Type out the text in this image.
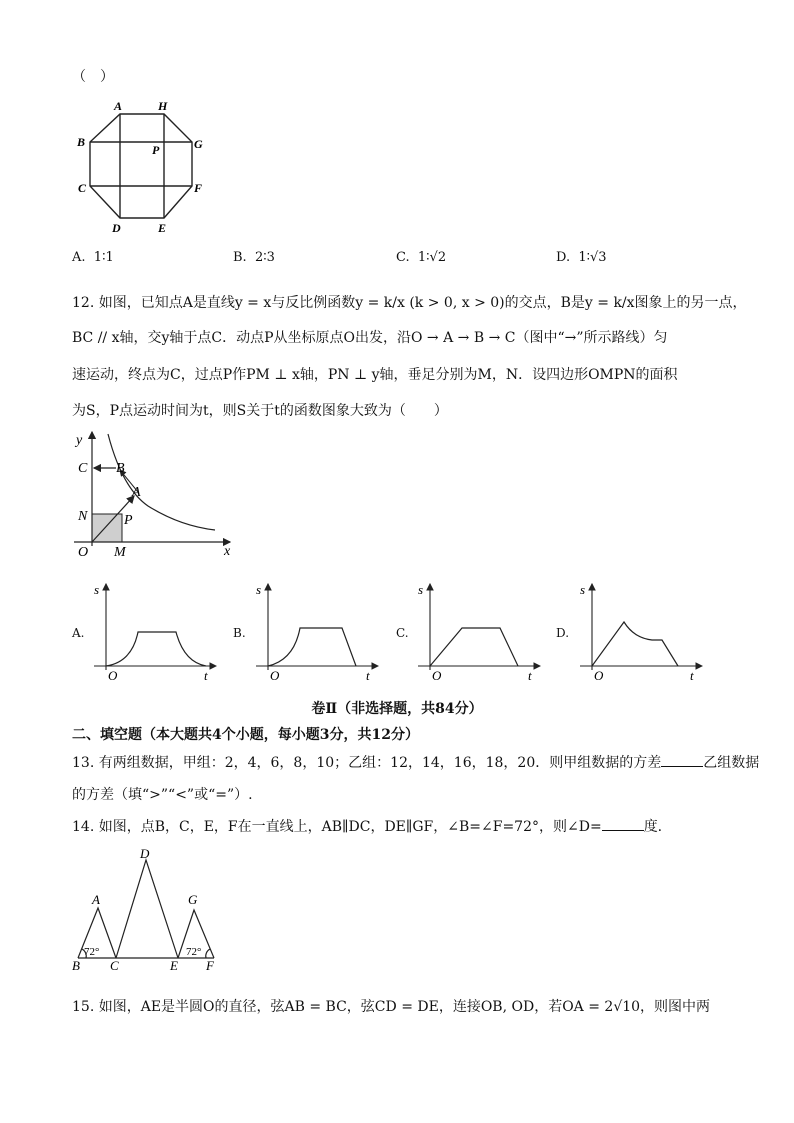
（　）
A	H
B
P	G
C	F
D	E
A. 1∶1	B. 2∶3	C. 1∶√2	D. 1∶√3
12. 如图，已知点A是直线y = x与反比例函数y = k/x (k > 0, x > 0)的交点，B是y = k/x图象上的另一点，
BC // x轴，交y轴于点C．动点P从坐标原点O出发，沿O → A → B → C（图中“→”所示路线）匀
速运动，终点为C，过点P作PM ⊥ x轴，PN ⊥ y轴，垂足分别为M，N．设四边形OMPN的面积
为S，P点运动时间为t，则S关于t的函数图象大致为（　　）
y
x
C B
A
N	P
O M
A.
s
O	t
B.
s
O	t
C.
s
O	t
D.
s
O	t
卷Ⅱ（非选择题，共84分）
二、填空题（本大题共4个小题，每小题3分，共12分）
13. 有两组数据，甲组：2，4，6，8，10；乙组：12，14，16，18，20．则甲组数据的方差	乙组数据
的方差（填“>”“<”或“=”）.
14. 如图，点B，C，E，F在一直线上，AB∥DC，DE∥GF，∠B=∠F=72°，则∠D=	度.
A
D
G
B C	E F
72°	72°
15. 如图，AE是半圆O的直径，弦AB = BC，弦CD = DE，连接OB, OD，若OA = 2√10，则图中两
